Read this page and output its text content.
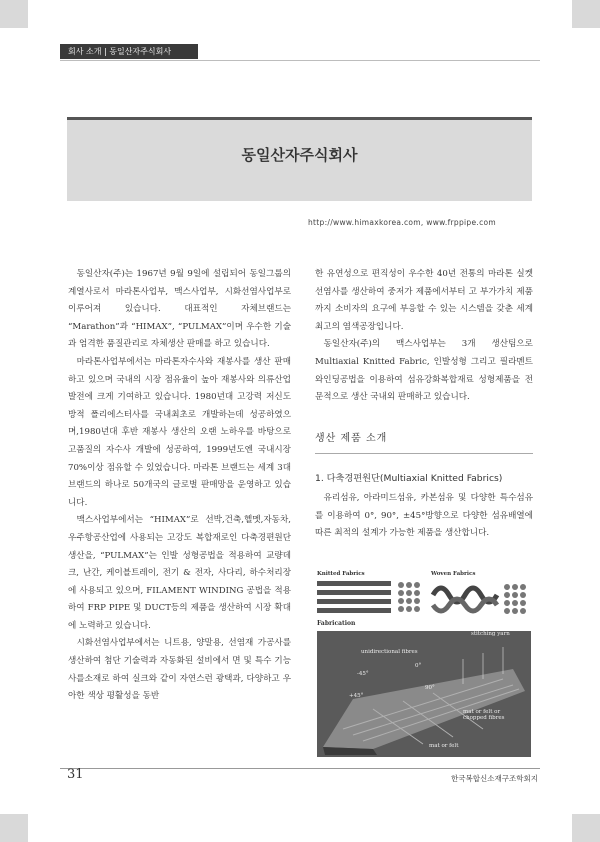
회사 소개 | 동일산자주식회사
동일산자주식회사
http://www.himaxkorea.com, www.frppipe.com

동일산자(주)는 1967년 9월 9일에 설립되어 동일그룹의 계열사로서 마라톤사업부, 맥스사업부, 시화선염사업부로 이루어져 있습니다. 대표적인 자체브랜드는 “Marathon”과 “HIMAX”, “PULMAX”이며 우수한 기술과 엄격한 품질관리로 자체생산 판매를 하고 있습니다.

마라톤사업부에서는 마라톤자수사와 재봉사를 생산 판매하고 있으며 국내의 시장 점유율이 높아 재봉사와 의류산업발전에 크게 기여하고 있습니다. 1980년대 고강력 저신도 방적 폴리에스터사를 국내최초로 개발하는데 성공하였으며,1980년대 후반 재봉사 생산의 오랜 노하우를 바탕으로 고품질의 자수사 개발에 성공하여, 1999년도엔 국내시장 70%이상 점유할 수 있었습니다. 마라톤 브랜드는 세계 3대 브랜드의 하나로 50개국의 글로벌 판매망을 운영하고 있습니다.

맥스사업부에서는 “HIMAX”로 선박,건축,헬멧,자동차,우주항공산업에 사용되는 고강도 복합재로인 다축경편원단 생산을, “PULMAX”는 인발 성형공법을 적용하여 교량데크, 난간, 케이블트레이, 전기 & 전자, 사다리, 하수처리장에 사용되고 있으며, FILAMENT WINDING 공법을 적용하여 FRP PIPE 및 DUCT등의 제품을 생산하여 시장 확대에 노력하고 있습니다.

시화선염사업부에서는 니트용, 양말용, 선염재 가공사를 생산하여 첨단 기술력과 자동화된 설비에서 면 및 특수 기능사를소재로 하여 실크와 같이 자연스런 광택과, 다양하고 우아한 색상 평활성을 동반

한 유연성으로 편직성이 우수한 40년 전통의 마라톤 실켓 선염사를 생산하여 중저가 제품에서부터 고 부가가치 제품까지 소비자의 요구에 부응할 수 있는 시스템을 갖춘 세계 최고의 염색공장입니다.

동일산자(주)의 맥스사업부는 3개 생산팀으로 Multiaxial Knitted Fabric, 인발성형 그리고 필라멘트 와인딩공법을 이용하여 섬유강화복합재료 성형제품을 전문적으로 생산 국내외 판매하고 있습니다.

생산 제품 소개
1. 다축경편원단(Multiaxial Knitted Fabrics)

유리섬유, 아라미드섬유, 카본섬유 및 다양한 특수섬유를 이용하여 0°, 90°, ±45°방향으로 다양한 섬유배열에 따른 최적의 설계가 가능한 제품을 생산합니다.

Knitted Fabrics	Woven Fabrics
Fabrication
stitching yarn
unidirectional fibres
-45°
0°
+45°
90°
mat or felt or chopped fibres
mat or felt
31	한국복합신소재구조학회지
